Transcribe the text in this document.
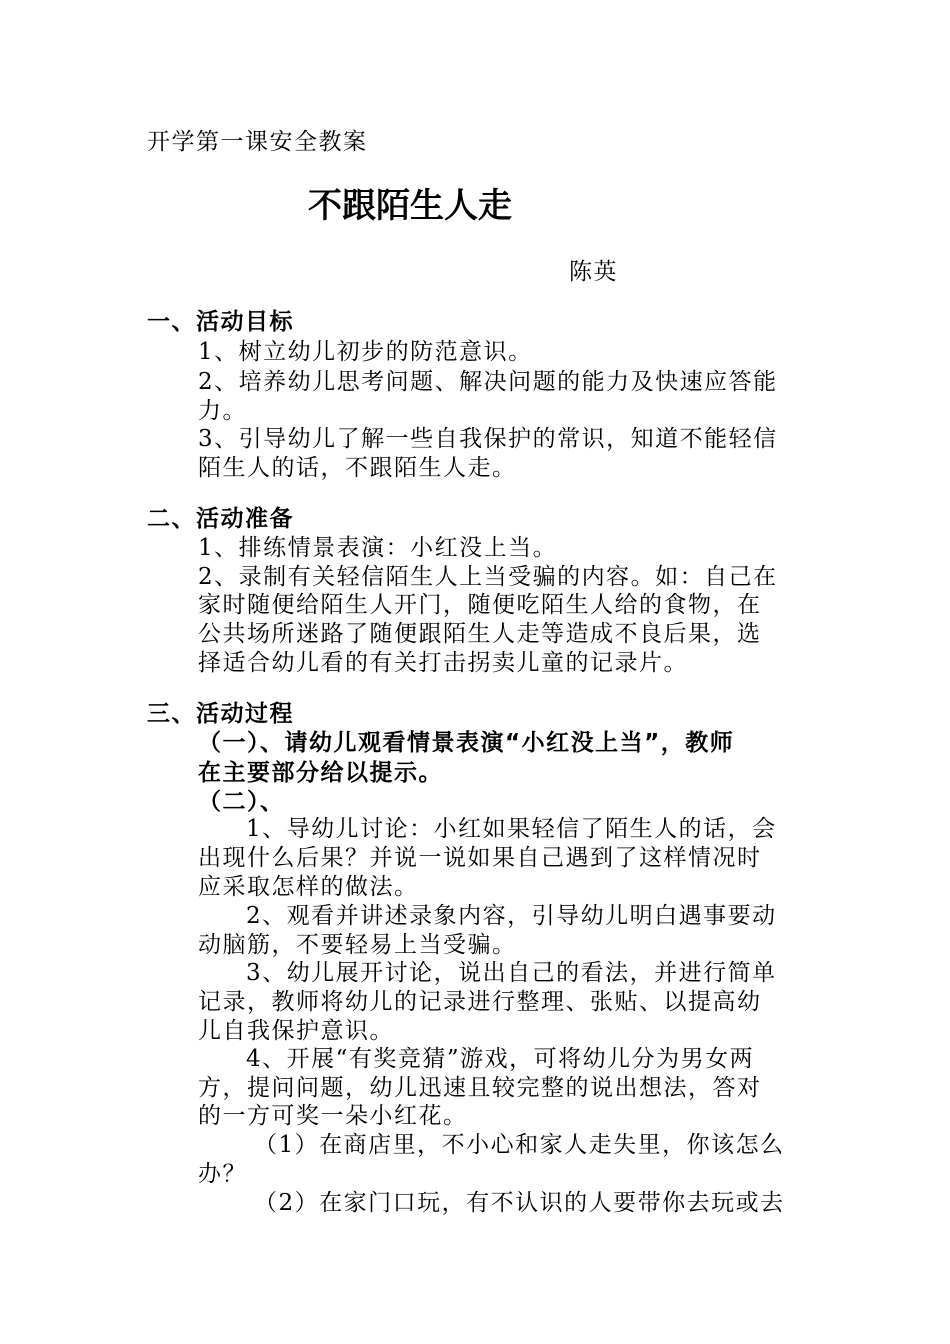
开学第一课安全教案
不跟陌生人走
陈英
一、活动目标
1、树立幼儿初步的防范意识。
2、培养幼儿思考问题、解决问题的能力及快速应答能
力。
3、引导幼儿了解一些自我保护的常识，知道不能轻信
陌生人的话，不跟陌生人走。
二、活动准备
1、排练情景表演：小红没上当。
2、录制有关轻信陌生人上当受骗的内容。如：自己在
家时随便给陌生人开门，随便吃陌生人给的食物，在
公共场所迷路了随便跟陌生人走等造成不良后果，选
择适合幼儿看的有关打击拐卖儿童的记录片。
三、活动过程
（一）、请幼儿观看情景表演“小红没上当”，教师
在主要部分给以提示。
（二）、
1、导幼儿讨论：小红如果轻信了陌生人的话，会
出现什么后果？并说一说如果自己遇到了这样情况时
应采取怎样的做法。
2、观看并讲述录象内容，引导幼儿明白遇事要动
动脑筋，不要轻易上当受骗。
3、幼儿展开讨论，说出自己的看法，并进行简单
记录，教师将幼儿的记录进行整理、张贴、以提高幼
儿自我保护意识。
4、开展“有奖竞猜”游戏，可将幼儿分为男女两
方，提问问题，幼儿迅速且较完整的说出想法，答对
的一方可奖一朵小红花。
（1）在商店里，不小心和家人走失里，你该怎么
办？
（2）在家门口玩，有不认识的人要带你去玩或去
